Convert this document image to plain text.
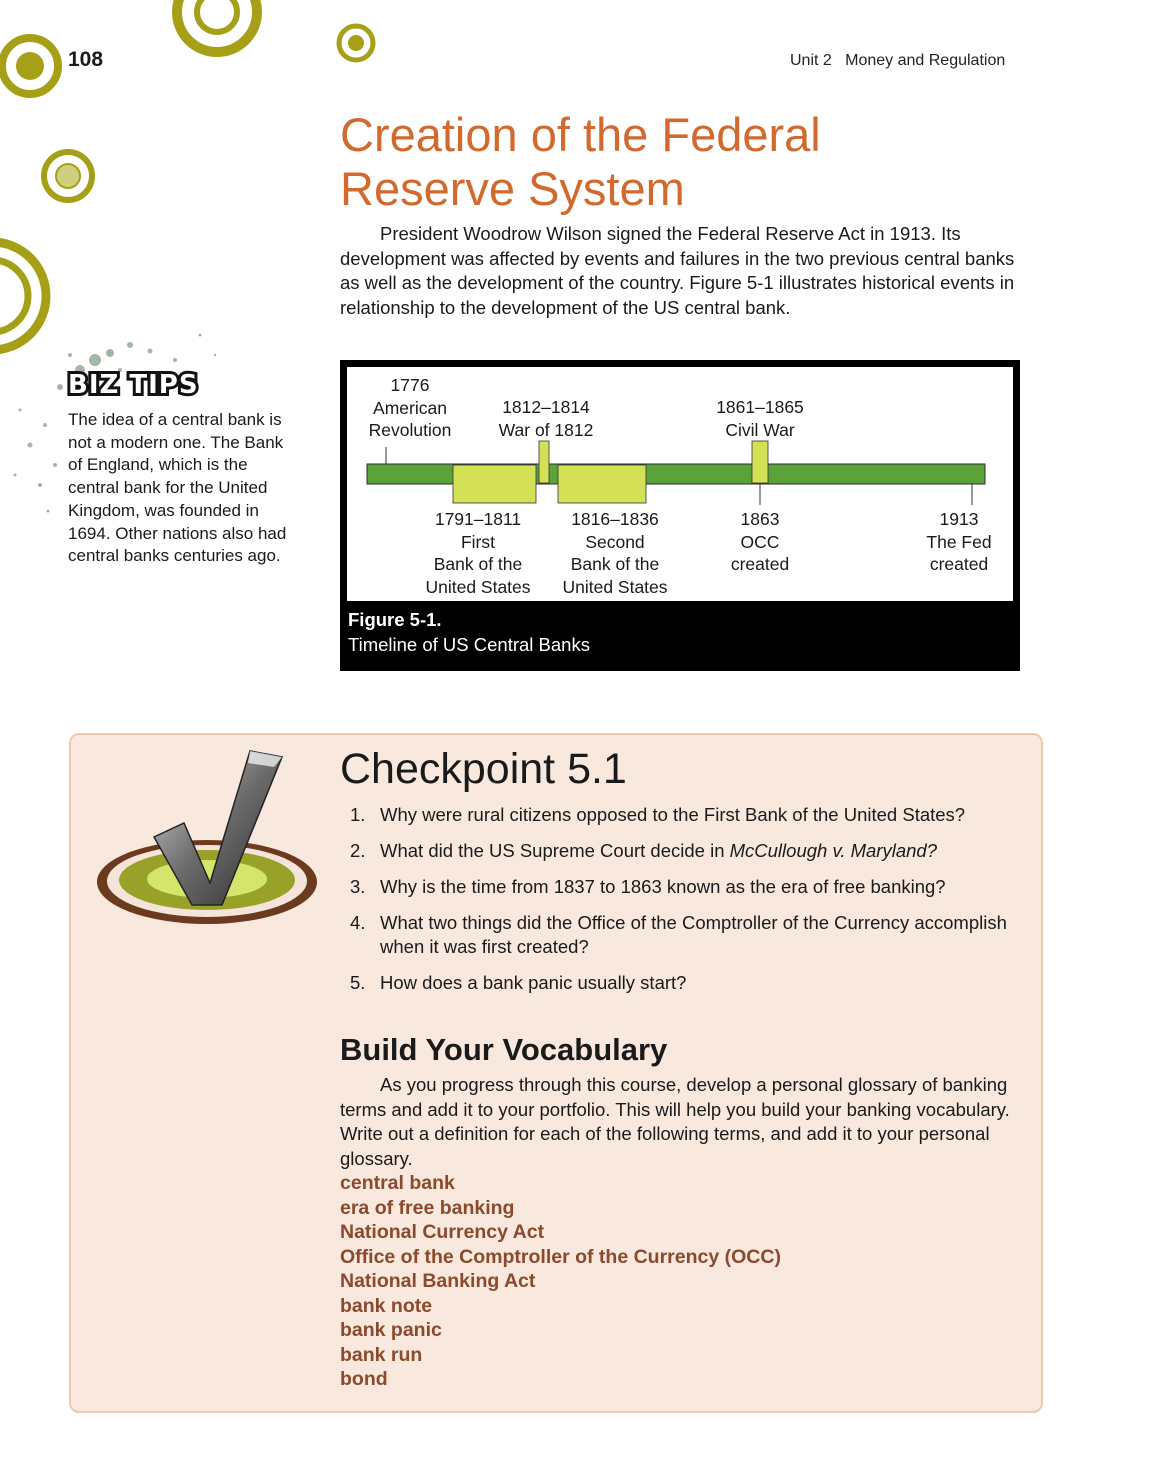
108	Unit 2   Money and Regulation
Creation of the Federal
Reserve System

President Woodrow Wilson signed the Federal Reserve Act in 1913. Its development was affected by events and failures in the two previous central banks as well as the development of the country. Figure 5-1 illustrates historical events in relationship to the development of the US central bank.

BIZ TIPS

The idea of a central bank is not a modern one. The Bank of England, which is the central bank for the United Kingdom, was founded in 1694. Other nations also had central banks centuries ago.

1776
American
Revolution
1812–1814
War of 1812
1861–1865
Civil War
1791–1811
First
Bank of the
United States
1816–1836
Second
Bank of the
United States
1863
OCC
created
1913
The Fed
created
Figure 5-1.
Timeline of US Central Banks
Checkpoint 5.1
1. Why were rural citizens opposed to the First Bank of the United States?
2. What did the US Supreme Court decide in McCullough v. Maryland?
3. Why is the time from 1837 to 1863 known as the era of free banking?
4. What two things did the Office of the Comptroller of the Currency accomplish when it was first created?
5. How does a bank panic usually start?
Build Your Vocabulary

As you progress through this course, develop a personal glossary of banking terms and add it to your portfolio. This will help you build your banking vocabulary. Write out a definition for each of the following terms, and add it to your personal glossary.

central bank
era of free banking
National Currency Act
Office of the Comptroller of the Currency (OCC)
National Banking Act
bank note
bank panic
bank run
bond
